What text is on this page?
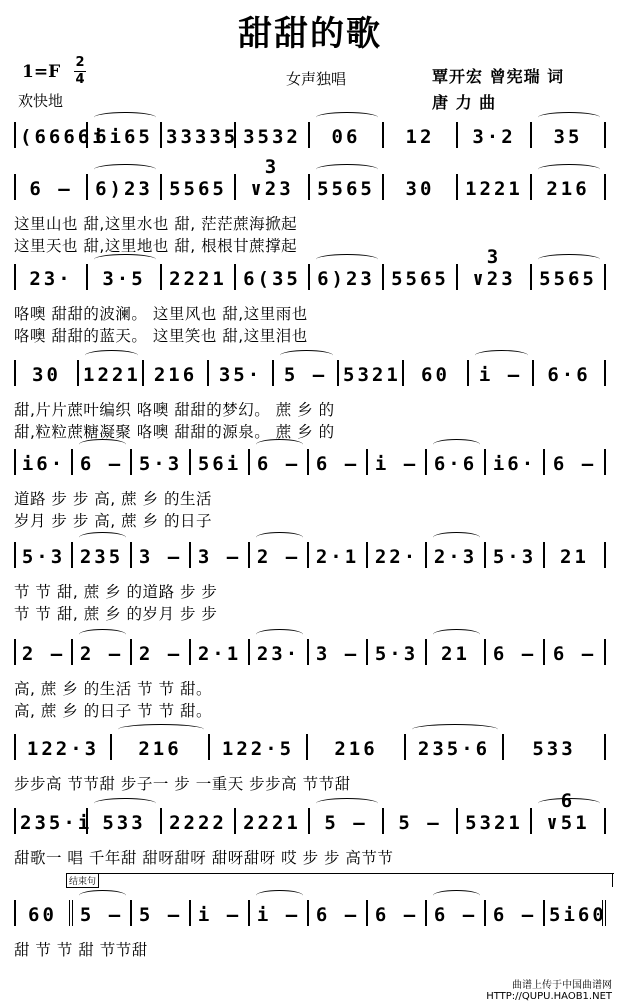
甜甜的歌
1=F 2
4
欢快地
女声独唱	覃开宏 曾宪瑞 词
唐 力 曲
(6666i
6i65 33335 3532	06	12	3·2	35
6 –	6)23 5565
3 ∨23	5565	30	1221	216
这里山也 甜,这里水也 甜, 茫茫蔗海掀起
这里天也 甜,这里地也 甜, 根根甘蔗撑起
23·	3·5	2221 6(35 6)23 5565
3 ∨23	5565
咯噢 甜甜的波澜。 这里风也 甜,这里雨也
咯噢 甜甜的蓝天。 这里笑也 甜,这里泪也
30	1221 216	35·	5 – 5321	60	i –	6·6
甜,片片蔗叶编织 咯噢 甜甜的梦幻。 蔗 乡 的
甜,粒粒蔗糖凝聚 咯噢 甜甜的源泉。 蔗 乡 的
i6· 6 – 5·3 56i 6 – 6 – i – 6·6 i6· 6 –
道路 步 步 高, 蔗 乡 的生活
岁月 步 步 高, 蔗 乡 的日子
5·3 235 3 – 3 – 2 – 2·1 22· 2·3 5·3	21
节 节 甜, 蔗 乡 的道路 步 步
节 节 甜, 蔗 乡 的岁月 步 步
2 – 2 – 2 – 2·1 23· 3 – 5·3	21	6 – 6 –
高, 蔗 乡 的生活 节 节 甜。
高, 蔗 乡 的日子 节 节 甜。
122·3	216	122·5	216	235·6	533
步步高 节节甜 步子一 步 一重天 步步高 节节甜
235·i 533	2222 2221	5 –	5 –	5321
6 ∨51
甜歌一 唱 千年甜 甜呀甜呀 甜呀甜呀 哎 步 步 高节节
60	5 – 5 – i – i – 6 – 6 – 6 – 6 – 5i60
甜 节 节 甜 节节甜
结束句
曲谱上传于中国曲谱网
HTTP://QUPU.HAOB1.NET
